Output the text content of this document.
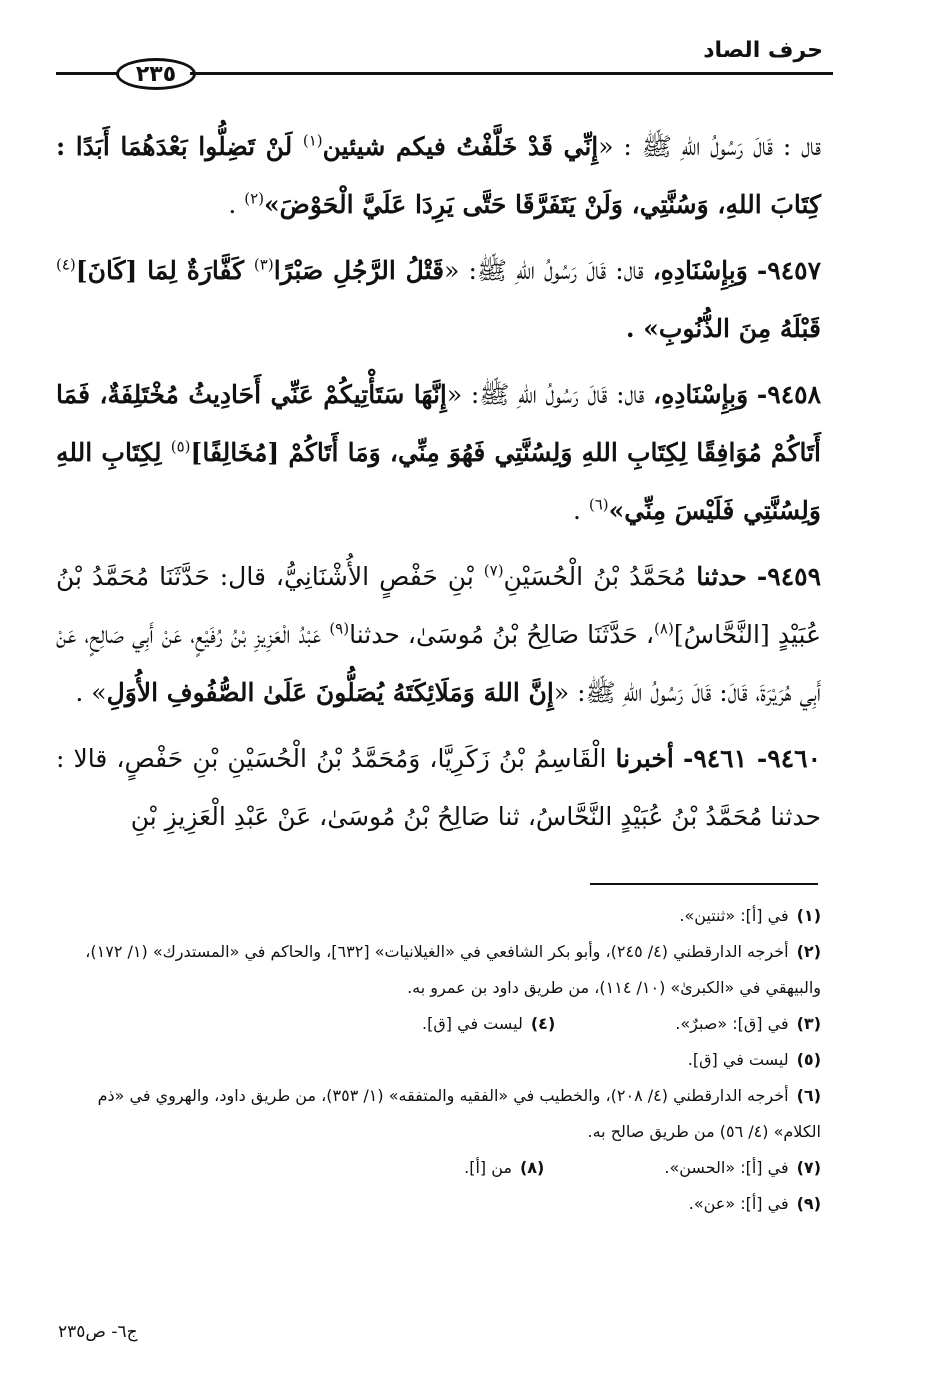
حرف الصاد
٢٣٥

قال : قَالَ رَسُولُ اللهِ ﷺ : «إِنِّي قَدْ خَلَّفْتُ فيكم شيئين$^{(١)}$ لَنْ تَضِلُّوا بَعْدَهُمَا أَبَدًا : كِتَابَ اللهِ، وَسُنَّتِي، وَلَنْ يَتَفَرَّقَا حَتَّى يَرِدَا عَلَيَّ الْحَوْضَ»$^{(٢)}$ .

٩٤٥٧- وَبِإِسْنَادِهِ، قال: قَالَ رَسُولُ اللهِ ﷺ: «قَتْلُ الرَّجُلِ صَبْرًا$^{(٣)}$ كَفَّارَةٌ لِمَا [كَانَ]$^{(٤)}$ قَبْلَهُ مِنَ الذُّنُوبِ» .

٩٤٥٨- وَبِإِسْنَادِهِ، قال: قَالَ رَسُولُ اللهِ ﷺ: «إِنَّهَا سَتَأْتِيكُمْ عَنِّي أَحَادِيثُ مُخْتَلِفَةٌ، فَمَا أَتَاكُمْ مُوَافِقًا لِكِتَابِ اللهِ وَلِسُنَّتِي فَهُوَ مِنِّي، وَمَا أَتَاكُمْ [مُخَالِفًا]$^{(٥)}$ لِكِتَابِ اللهِ وَلِسُنَّتِي فَلَيْسَ مِنِّي»$^{(٦)}$ .

٩٤٥٩- حدثنا مُحَمَّدُ بْنُ الْحُسَيْنِ$^{(٧)}$ بْنِ حَفْصٍ الأُشْنَانِيُّ، قال: حَدَّثَنَا مُحَمَّدُ بْنُ عُبَيْدٍ [النَّحَّاسُ]$^{(٨)}$، حَدَّثَنَا صَالِحُ بْنُ مُوسَىٰ، حدثنا$^{(٩)}$ عَبْدُ الْعَزِيزِ بْنُ رُفَيْعٍ، عَنْ أَبِي صَالِحٍ، عَنْ أَبِي هُرَيْرَةَ، قَالَ: قَالَ رَسُولُ اللهِ ﷺ: «إِنَّ اللهَ وَمَلَائِكَتَهُ يُصَلُّونَ عَلَىٰ الصُّفُوفِ الأُوَلِ» .

٩٤٦٠- ٩٤٦١- أخبرنا الْقَاسِمُ بْنُ زَكَرِيَّا، وَمُحَمَّدُ بْنُ الْحُسَيْنِ بْنِ حَفْصٍ، قالا : حدثنا مُحَمَّدُ بْنُ عُبَيْدٍ النَّحَّاسُ، ثنا صَالِحُ بْنُ مُوسَىٰ، عَنْ عَبْدِ الْعَزِيزِ بْنِ

(١)في [أ]: «ثنتين».
(٢)أخرجه الدارقطني (٤/ ٢٤٥)، وأبو بكر الشافعي في «الغيلانيات» [٦٣٢]، والحاكم في «المستدرك» (١/ ١٧٢)، والبيهقي في «الكبرىٰ» (١٠/ ١١٤)، من طريق داود بن عمرو به.
(٣)في [ق]: «صبرٌ».(٤)ليست في [ق].
(٥)ليست في [ق].
(٦)أخرجه الدارقطني (٤/ ٢٠٨)، والخطيب في «الفقيه والمتفقه» (١/ ٣٥٣)، من طريق داود، والهروي في «ذم الكلام» (٤/ ٥٦) من طريق صالح به.
(٧)في [أ]: «الحسن».(٨)من [أ].
(٩)في [أ]: «عن».
ج٦- ص٢٣٥
